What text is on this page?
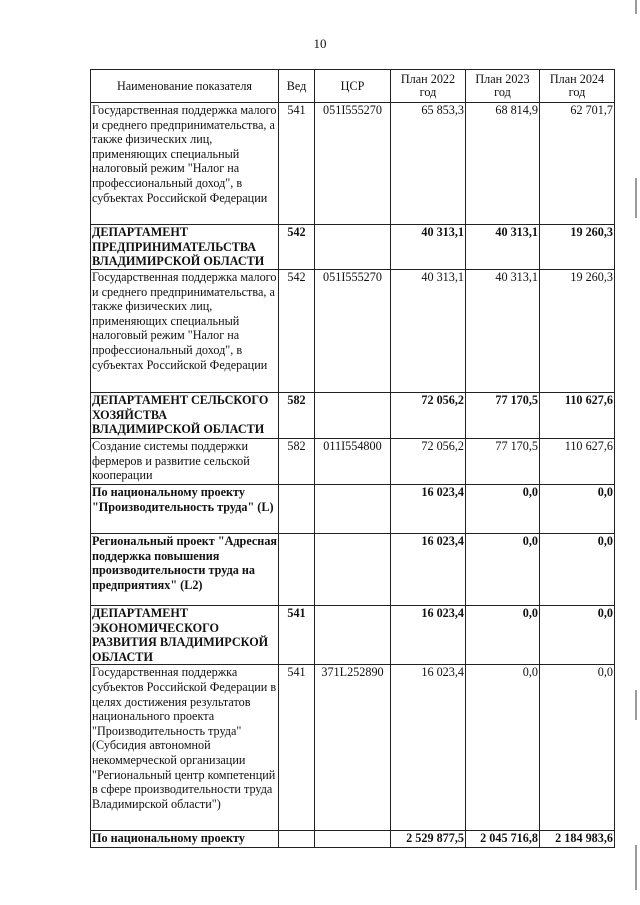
10
Наименование показателя	Вед	ЦСР	План 2022 год	План 2023 год	План 2024 год
Государственная поддержка малого и среднего предпринимательства, а также физических лиц, применяющих специальный налоговый режим "Налог на профессиональный доход", в субъектах Российской Федерации	541	051I555270	65 853,3	68 814,9	62 701,7
ДЕПАРТАМЕНТ ПРЕДПРИНИМАТЕЛЬСТВА ВЛАДИМИРСКОЙ ОБЛАСТИ	542		40 313,1	40 313,1	19 260,3
Государственная поддержка малого и среднего предпринимательства, а также физических лиц, применяющих специальный налоговый режим "Налог на профессиональный доход", в субъектах Российской Федерации	542	051I555270	40 313,1	40 313,1	19 260,3
ДЕПАРТАМЕНТ СЕЛЬСКОГО ХОЗЯЙСТВА ВЛАДИМИРСКОЙ ОБЛАСТИ	582		72 056,2	77 170,5	110 627,6
Создание системы поддержки фермеров и развитие сельской кооперации	582	011I554800	72 056,2	77 170,5	110 627,6
По национальному проекту "Производительность труда" (L)			16 023,4	0,0	0,0
Региональный проект "Адресная поддержка повышения производительности труда на предприятиях" (L2)			16 023,4	0,0	0,0
ДЕПАРТАМЕНТ ЭКОНОМИЧЕСКОГО РАЗВИТИЯ ВЛАДИМИРСКОЙ ОБЛАСТИ	541		16 023,4	0,0	0,0
Государственная поддержка субъектов Российской Федерации в целях достижения результатов национального проекта "Производительность труда" (Субсидия автономной некоммерческой организации "Региональный центр компетенций в сфере производительности труда Владимирской области")	541	371L252890	16 023,4	0,0	0,0
По национальному проекту			2 529 877,5	2 045 716,8	2 184 983,6
